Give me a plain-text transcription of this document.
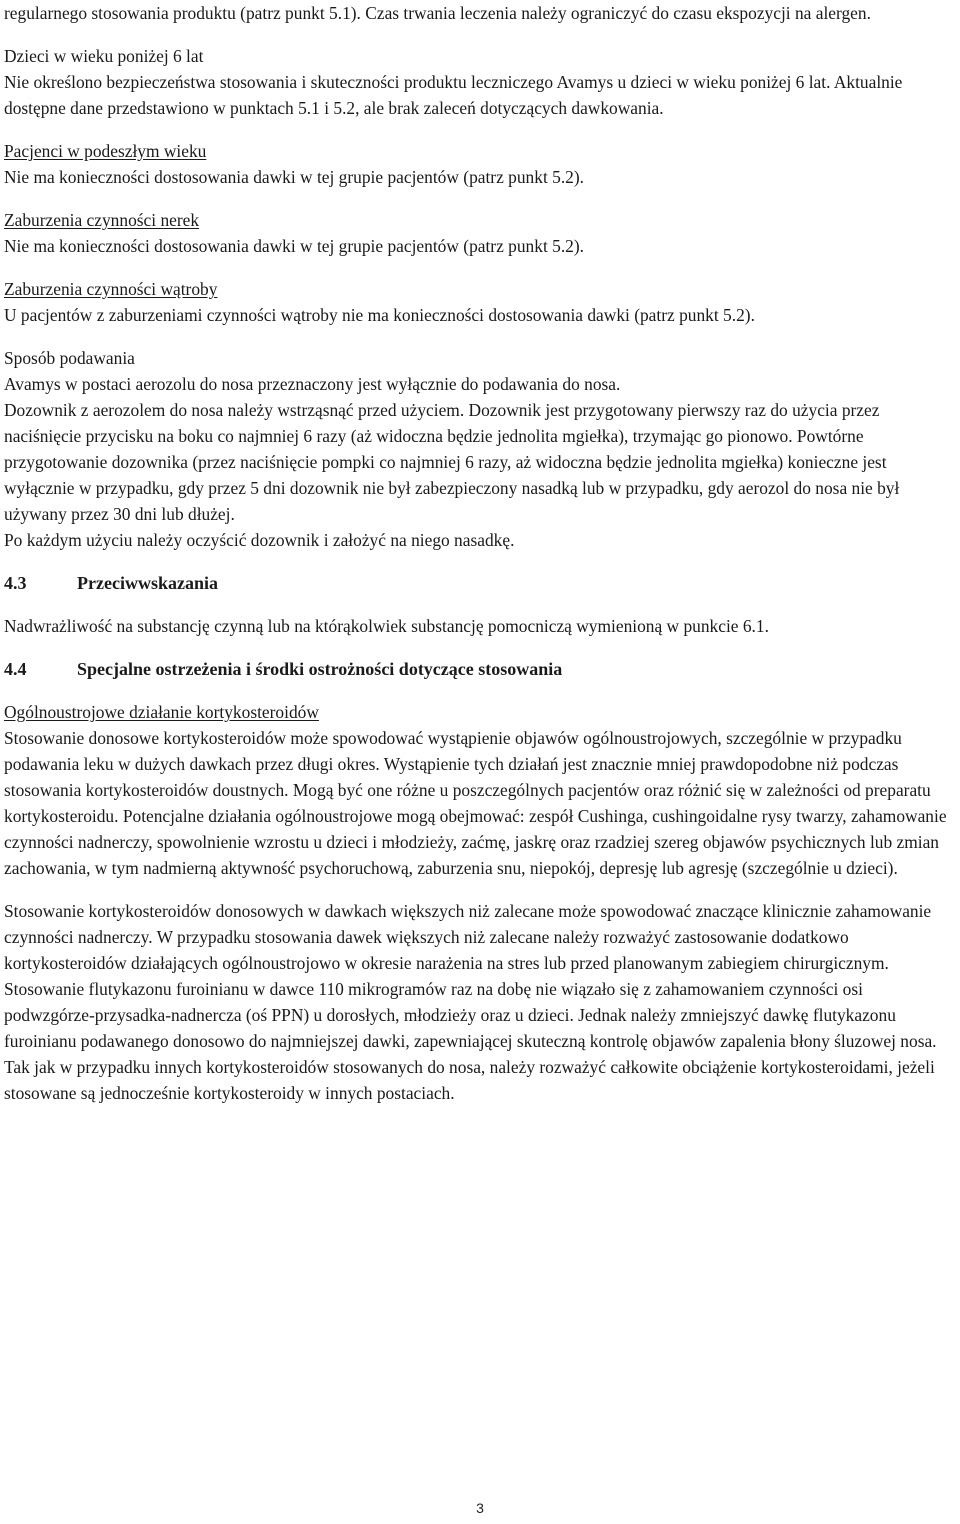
regularnego stosowania produktu (patrz punkt 5.1). Czas trwania leczenia należy ograniczyć do czasu ekspozycji na alergen.

Dzieci w wieku poniżej 6 lat

Nie określono bezpieczeństwa stosowania i skuteczności produktu leczniczego Avamys u dzieci w wieku poniżej 6 lat. Aktualnie dostępne dane przedstawiono w punktach 5.1 i 5.2, ale brak zaleceń dotyczących dawkowania.

Pacjenci w podeszłym wieku

Nie ma konieczności dostosowania dawki w tej grupie pacjentów (patrz punkt 5.2).

Zaburzenia czynności nerek

Nie ma konieczności dostosowania dawki w tej grupie pacjentów (patrz punkt 5.2).

Zaburzenia czynności wątroby

U pacjentów z zaburzeniami czynności wątroby nie ma konieczności dostosowania dawki (patrz punkt 5.2).

Sposób podawania

Avamys w postaci aerozolu do nosa przeznaczony jest wyłącznie do podawania do nosa.

Dozownik z aerozolem do nosa należy wstrząsnąć przed użyciem. Dozownik jest przygotowany pierwszy raz do użycia przez naciśnięcie przycisku na boku co najmniej 6 razy (aż widoczna będzie jednolita mgiełka), trzymając go pionowo. Powtórne przygotowanie dozownika (przez naciśnięcie pompki co najmniej 6 razy, aż widoczna będzie jednolita mgiełka) konieczne jest wyłącznie w przypadku, gdy przez 5 dni dozownik nie był zabezpieczony nasadką lub w przypadku, gdy aerozol do nosa nie był używany przez 30 dni lub dłużej.

Po każdym użyciu należy oczyścić dozownik i założyć na niego nasadkę.

4.3	Przeciwwskazania

Nadwrażliwość na substancję czynną lub na którąkolwiek substancję pomocniczą wymienioną w punkcie 6.1.

4.4	Specjalne ostrzeżenia i środki ostrożności dotyczące stosowania

Ogólnoustrojowe działanie kortykosteroidów

Stosowanie donosowe kortykosteroidów może spowodować wystąpienie objawów ogólnoustrojowych, szczególnie w przypadku podawania leku w dużych dawkach przez długi okres. Wystąpienie tych działań jest znacznie mniej prawdopodobne niż podczas stosowania kortykosteroidów doustnych. Mogą być one różne u poszczególnych pacjentów oraz różnić się w zależności od preparatu kortykosteroidu. Potencjalne działania ogólnoustrojowe mogą obejmować: zespół Cushinga, cushingoidalne rysy twarzy, zahamowanie czynności nadnerczy, spowolnienie wzrostu u dzieci i młodzieży, zaćmę, jaskrę oraz rzadziej szereg objawów psychicznych lub zmian zachowania, w tym nadmierną aktywność psychoruchową, zaburzenia snu, niepokój, depresję lub agresję (szczególnie u dzieci).

Stosowanie kortykosteroidów donosowych w dawkach większych niż zalecane może spowodować znaczące klinicznie zahamowanie czynności nadnerczy. W przypadku stosowania dawek większych niż zalecane należy rozważyć zastosowanie dodatkowo kortykosteroidów działających ogólnoustrojowo w okresie narażenia na stres lub przed planowanym zabiegiem chirurgicznym. Stosowanie flutykazonu furoinianu w dawce 110 mikrogramów raz na dobę nie wiązało się z zahamowaniem czynności osi podwzgórze-przysadka-nadnercza (oś PPN) u dorosłych, młodzieży oraz u dzieci. Jednak należy zmniejszyć dawkę flutykazonu furoinianu podawanego donosowo do najmniejszej dawki, zapewniającej skuteczną kontrolę objawów zapalenia błony śluzowej nosa. Tak jak w przypadku innych kortykosteroidów stosowanych do nosa, należy rozważyć całkowite obciążenie kortykosteroidami, jeżeli stosowane są jednocześnie kortykosteroidy w innych postaciach.

3
